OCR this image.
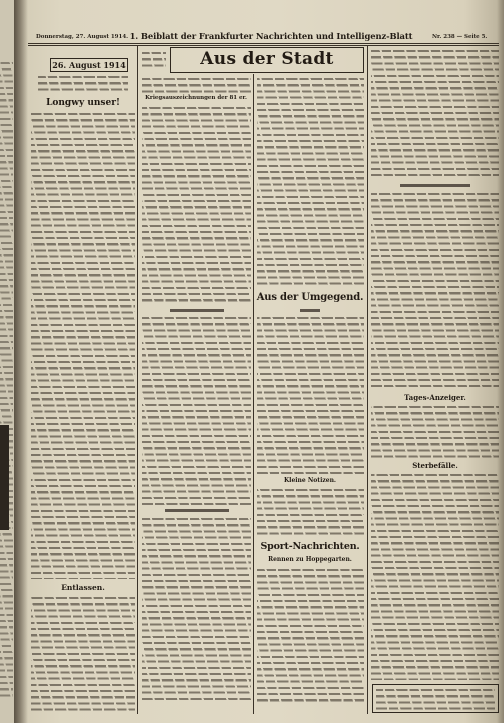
Donnerstag, 27. August 1914. 1. Beiblatt der Frankfurter Nachrichten und Intelligenz-Blatt	Nr. 238 — Seite 5.
Aus der Stadt
26. August 1914
Longwy unser!
Entlassen.
Kriegsauszeichnungen der 81 er.
Aus der Umgegend.
Kleine Notizen.
Sport-Nachrichten.
Rennen zu Hoppegarten.
Tages-Anzeiger.
Sterbefälle.
